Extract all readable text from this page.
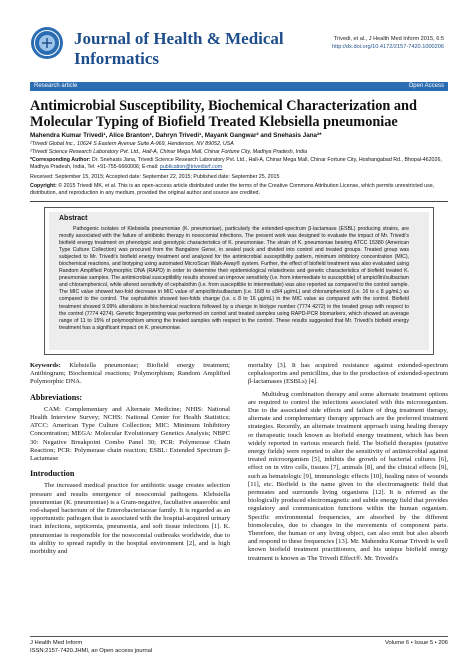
Journal of Health & Medical Informatics
Trivedi, et al., J Health Med Inform 2015, 6:5
http://dx.doi.org/10.4172/2157-7420.1000206
Research article	Open Access
Antimicrobial Susceptibility, Biochemical Characterization and Molecular Typing of Biofield Treated Klebsiella pneumoniae
Mahendra Kumar Trivedi¹, Alice Branton¹, Dahryn Trivedi¹, Mayank Gangwar² and Snehasis Jana²*
¹Trivedi Global Inc., 10624 S Eastern Avenue Suite A-969, Henderson, NV 89052, USA
²Trivedi Science Research Laboratory Pvt. Ltd., Hall-A, Chinar Mega Mall, Chinar Fortune City, Madhya Pradesh, India
*Corresponding Author: Dr. Snehasis Jana, Trivedi Science Research Laboratory Pvt. Ltd., Hall-A, Chinar Mega Mall, Chinar Fortune City, Hoshangabad Rd., Bhopal-462026, Madhya Pradesh, India, Tel: +91-755-6660006; E-mail: publication@trivedisrf.com
Received: September 15, 2015; Accepted date: September 22, 2015; Published date: September 25, 2015
Copyright: © 2015 Trivedi MK, et al. This is an open-access article distributed under the terms of the Creative Commons Attribution License, which permits unrestricted use, distribution, and reproduction in any medium, provided the original author and source are credited.
Abstract
Pathogenic isolates of Klebsiella pneumoniae (K. pneumoniae), particularly the extended-spectrum β-lactamase (ESBL) producing strains, are mostly associated with the failure of antibiotic therapy in nosocomial infections. The present work was designed to evaluate the impact of Mr. Trivedi's biofield energy treatment on phenotypic and genotypic characteristics of K. pneumoniae. The strain of K. pneumoniae bearing ATCC 15380 (American Type Culture Collection) was procured from the Bangalore Genei, in sealed pack and divided into control and treated groups. Treated group was subjected to Mr. Trivedi's biofield energy treatment and analyzed for the antimicrobial susceptibility pattern, minimum inhibitory concentration (MIC), biochemical reactions, and biotyping using automated MicroScan Walk-Away® system. Further, the effect of biofield treatment was also evaluated using Random Amplified Polymorphic DNA (RAPD) in order to determine their epidemiological relatedness and genetic characteristics of biofield treated K. pneumoniae samples. The antimicrobial susceptibility results showed an improve sensitivity (i.e. from intermediate to susceptible) of ampicillin/sulbactam and chloramphenicol, while altered sensitivity of cephalothin (i.e. from susceptible to intermediate) was also reported as compared to the control sample. The MIC value showed two-fold decrease in MIC value of ampicillin/sulbactam (i.e. 16/8 to ≤8/4 μg/mL) and chloramphenicol (i.e. 16 to ≤ 8 μg/mL) as compared to the control. The cephalothin showed two-folds change (i.e. ≤ 8 to 16 μg/mL) in the MIC value as compared with the control. Biofield treatment showed 9.09% alterations in biochemical reactions followed by a change in biotype number (7774 4272) in the treated group with respect to the control (7774 4274). Genetic fingerprinting was performed on control and treated samples using RAPD-PCR biomarkers, which showed an average range of 11 to 15% of polymorphism among the treated samples with respect to the control. These results suggested that Mr. Trivedi's biofield energy treatment has a significant impact on K. pneumoniae.
Keywords: Klebsiella pneumoniae; Biofield energy treatment; Antibiogram; Biochemical reactions; Polymorphism; Random Amplified Polymorphic DNA.
Abbreviations:
CAM: Complementary and Alternate Medicine; NHIS: National Health Interview Survey; NCHS: National Center for Health Statistics; ATCC: American Type Culture Collection; MIC: Minimum Inhibitory Concentration; MEGA: Molecular Evolutionary Genetics Analysis; NBPC 30: Negative Breakpoint Combo Panel 30; PCR: Polymerase Chain Reaction; PCR: Polymerase chain reaction; ESBL: Extended Spectrum β-Lactamase
Introduction
The increased medical practice for antibiotic usage creates selection pressure and results emergence of nosocomial pathogens. Klebsiella pneumoniae (K. pneumoniae) is a Gram-negative, facultative anaerobic and rod-shaped bacterium of the Enterobacteriaceae family. It is regarded as an opportunistic pathogen that is associated with the hospital-acquired urinary tract infections, septicemia, pneumonia, and soft tissue infections [1]. K. pneumoniae is responsible for the nosocomial outbreaks worldwide, due to its ability to spread rapidly in the hospital environment [2], and is high morbidity and
mortality [3]. It has acquired resistance against extended-spectrum cephalosporins and penicillins, due to the production of extended-spectrum β-lactamases (ESBLs) [4].
Multidrug combination therapy and some alternate treatment options are required to control the infections associated with this microorganism. Due to the associated side effects and failure of drug treatment therapy, alternate and complementary therapy approach are the preferred treatment strategies. Recently, an alternate treatment approach using healing therapy or therapeutic touch known as biofield energy treatment, which has been widely reported in various research field. The biofield therapies (putative energy fields) were reported to alter the sensitivity of antimicrobial against treated microorganism [5], inhibits the growth of bacterial cultures [6], effect on in vitro cells, tissues [7], animals [8], and the clinical effects [9], such as hematologic [9], immunologic effects [10], healing rates of wounds [11], etc. Biofield is the name given to the electromagnetic field that permeates and surrounds living organisms [12]. It is referred as the biologically produced electromagnetic and subtle energy field that provides regulatory and communication functions within the human organism. Specific environmental frequencies, are absorbed by the different biomolecules, due to changes in the movements of component parts. Therefore, the human or any living object, can also emit but also absorb and respond to these frequencies [13]. Mr. Mahendra Kumar Trivedi is well known biofield treatment practitioners, and his unique biofield energy treatment is known as The Trivedi Effect®. Mr. Trivedi's
J Health Med Inform
ISSN:2157-7420.JHMI, an Open access journal
Volume 6 • Issue 5 • 206
